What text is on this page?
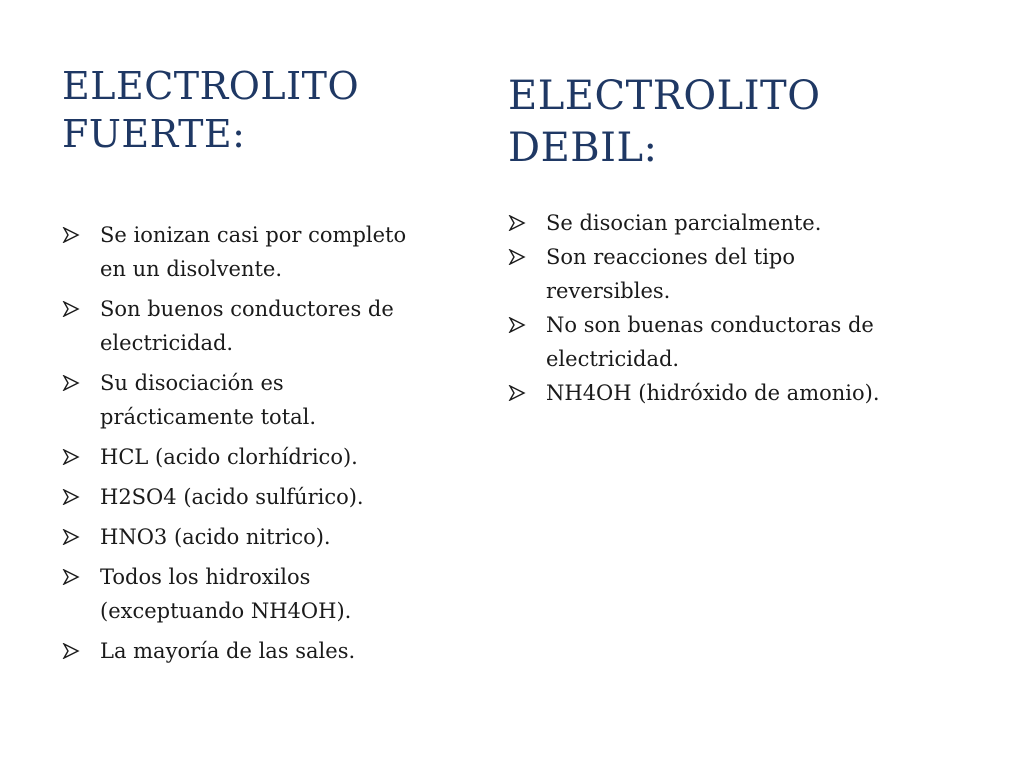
ELECTROLITO
FUERTE:
Se ionizan casi por completo
en un disolvente.
Son buenos conductores de
electricidad.
Su disociación es
prácticamente total.
HCL (acido clorhídrico).
H2SO4 (acido sulfúrico).
HNO3 (acido nitrico).
Todos los hidroxilos
(exceptuando NH4OH).
La mayoría de las sales.
ELECTROLITO
DEBIL:
Se disocian parcialmente.
Son reacciones del tipo
reversibles.
No son buenas conductoras de
electricidad.
NH4OH (hidróxido de amonio).
